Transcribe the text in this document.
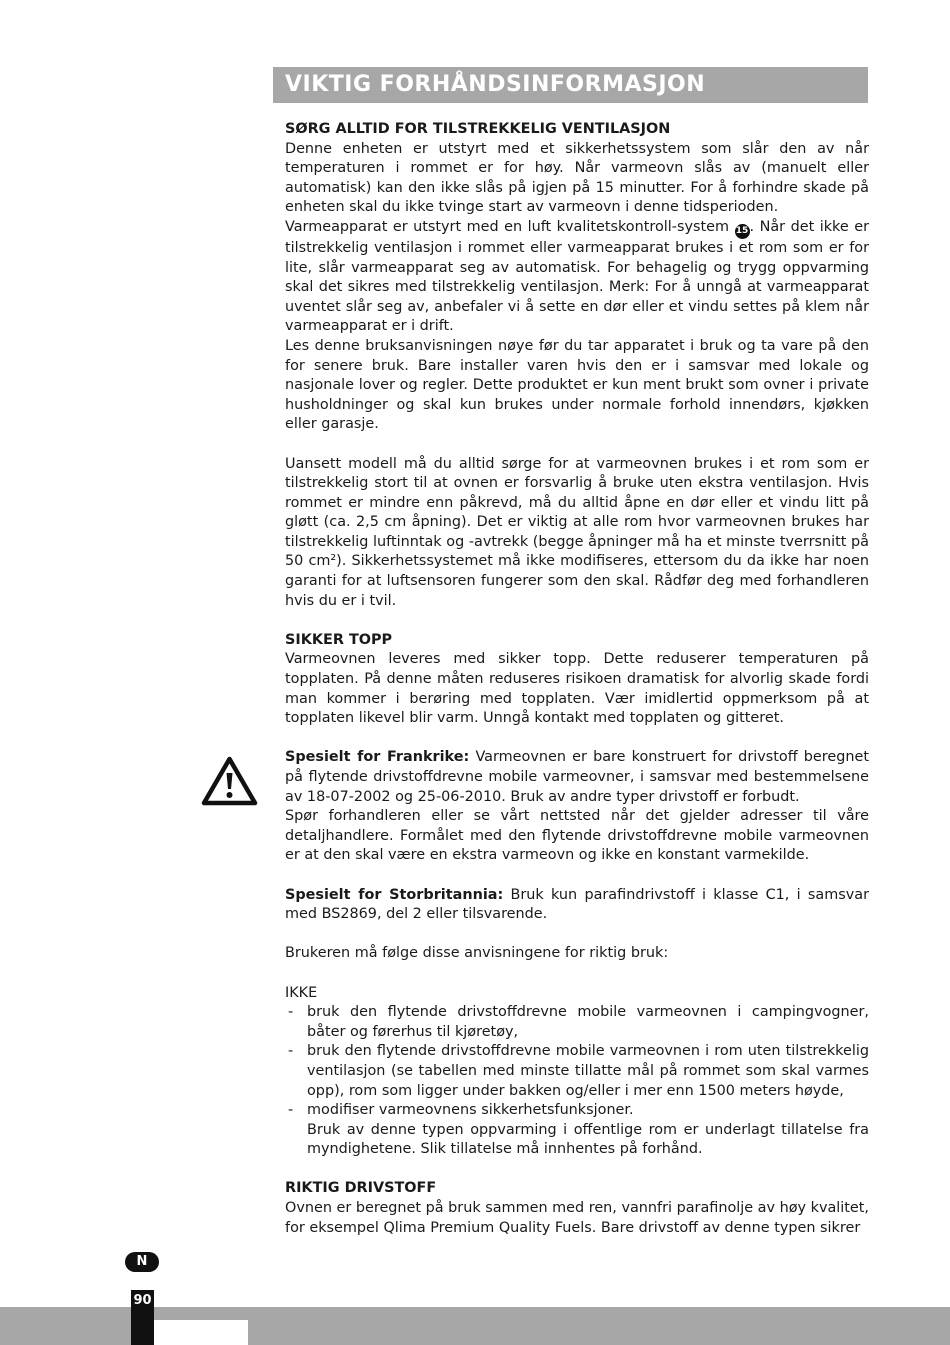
VIKTIG FORHÅNDSINFORMASJON
SØRG ALLTID FOR TILSTREKKELIG VENTILASJON

Denne enheten er utstyrt med et sikkerhetssystem som slår den av når temperaturen i rommet er for høy. Når varmeovn slås av (manuelt eller automatisk) kan den ikke slås på igjen på 15 minutter. For å forhindre skade på enheten skal du ikke tvinge start av varmeovn i denne tidsperioden.

Varmeapparat er utstyrt med en luft kvalitetskontroll-system 15. Når det ikke er tilstrekkelig ventilasjon i rommet eller varmeapparat brukes i et rom som er for lite, slår varmeapparat seg av automatisk. For behagelig og trygg oppvarming skal det sikres med tilstrekkelig ventilasjon. Merk: For å unngå at varmeapparat uventet slår seg av, anbefaler vi å sette en dør eller et vindu settes på klem når varmeapparat er i drift.

Les denne bruksanvisningen nøye før du tar apparatet i bruk og ta vare på den for senere bruk. Bare installer varen hvis den er i samsvar med lokale og nasjonale lover og regler. Dette produktet er kun ment brukt som ovner i private husholdninger og skal kun brukes under normale forhold innendørs, kjøkken eller garasje.

Uansett modell må du alltid sørge for at varmeovnen brukes i et rom som er tilstrekkelig stort til at ovnen er forsvarlig å bruke uten ekstra ventilasjon. Hvis rommet er mindre enn påkrevd, må du alltid åpne en dør eller et vindu litt på gløtt (ca. 2,5 cm åpning). Det er viktig at alle rom hvor varmeovnen brukes har tilstrekkelig luftinntak og -avtrekk (begge åpninger må ha et minste tverrsnitt på 50 cm²). Sikkerhetssystemet må ikke modifiseres, ettersom du da ikke har noen garanti for at luftsensoren fungerer som den skal. Rådfør deg med forhandleren hvis du er i tvil.

SIKKER TOPP

Varmeovnen leveres med sikker topp. Dette reduserer temperaturen på topplaten. På denne måten reduseres risikoen dramatisk for alvorlig skade fordi man kommer i berøring med topplaten. Vær imidlertid oppmerksom på at topplaten likevel blir varm. Unngå kontakt med topplaten og gitteret.

Spesielt for Frankrike: Varmeovnen er bare konstruert for drivstoff beregnet på flytende drivstoffdrevne mobile varmeovner, i samsvar med bestemmelsene av 18-07-2002 og 25-06-2010. Bruk av andre typer drivstoff er forbudt.

Spør forhandleren eller se vårt nettsted når det gjelder adresser til våre detaljhandlere. Formålet med den flytende drivstoffdrevne mobile varmeovnen er at den skal være en ekstra varmeovn og ikke en konstant varmekilde.

Spesielt for Storbritannia: Bruk kun parafindrivstoff i klasse C1, i samsvar med BS2869, del 2 eller tilsvarende.

Brukeren må følge disse anvisningene for riktig bruk:

IKKE

- bruk den flytende drivstoffdrevne mobile varmeovnen i campingvogner, båter og førerhus til kjøretøy,
- bruk den flytende drivstoffdrevne mobile varmeovnen i rom uten tilstrekkelig ventilasjon (se tabellen med minste tillatte mål på rommet som skal varmes opp), rom som ligger under bakken og/eller i mer enn 1500 meters høyde,
- modifiser varmeovnens sikkerhetsfunksjoner.

Bruk av denne typen oppvarming i offentlige rom er underlagt tillatelse fra myndighetene. Slik tillatelse må innhentes på forhånd.

RIKTIG DRIVSTOFF

Ovnen er beregnet på bruk sammen med ren, vannfri parafinolje av høy kvalitet, for eksempel Qlima Premium Quality Fuels. Bare drivstoff av denne typen sikrer

N
90
